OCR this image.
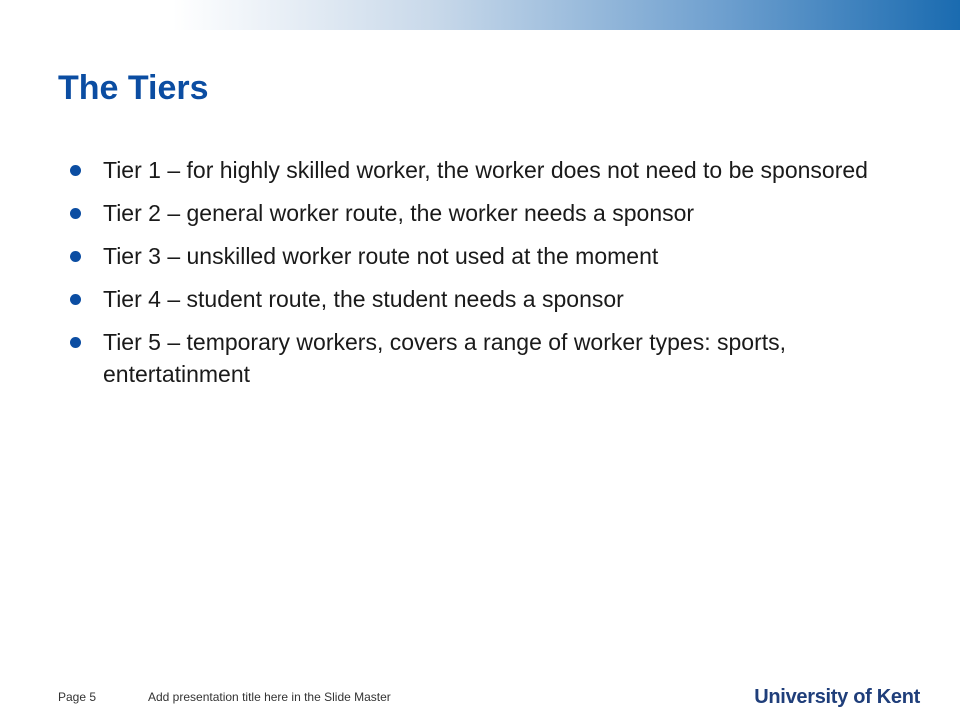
The Tiers
Tier 1 – for highly skilled worker, the worker does not need to be sponsored
Tier 2 – general worker route, the worker needs a sponsor
Tier 3 – unskilled worker route not used at the moment
Tier 4 – student route, the student needs a sponsor
Tier 5 – temporary workers, covers a range of worker types: sports, entertatinment
Page 5	Add presentation title here in the Slide Master	University of Kent
